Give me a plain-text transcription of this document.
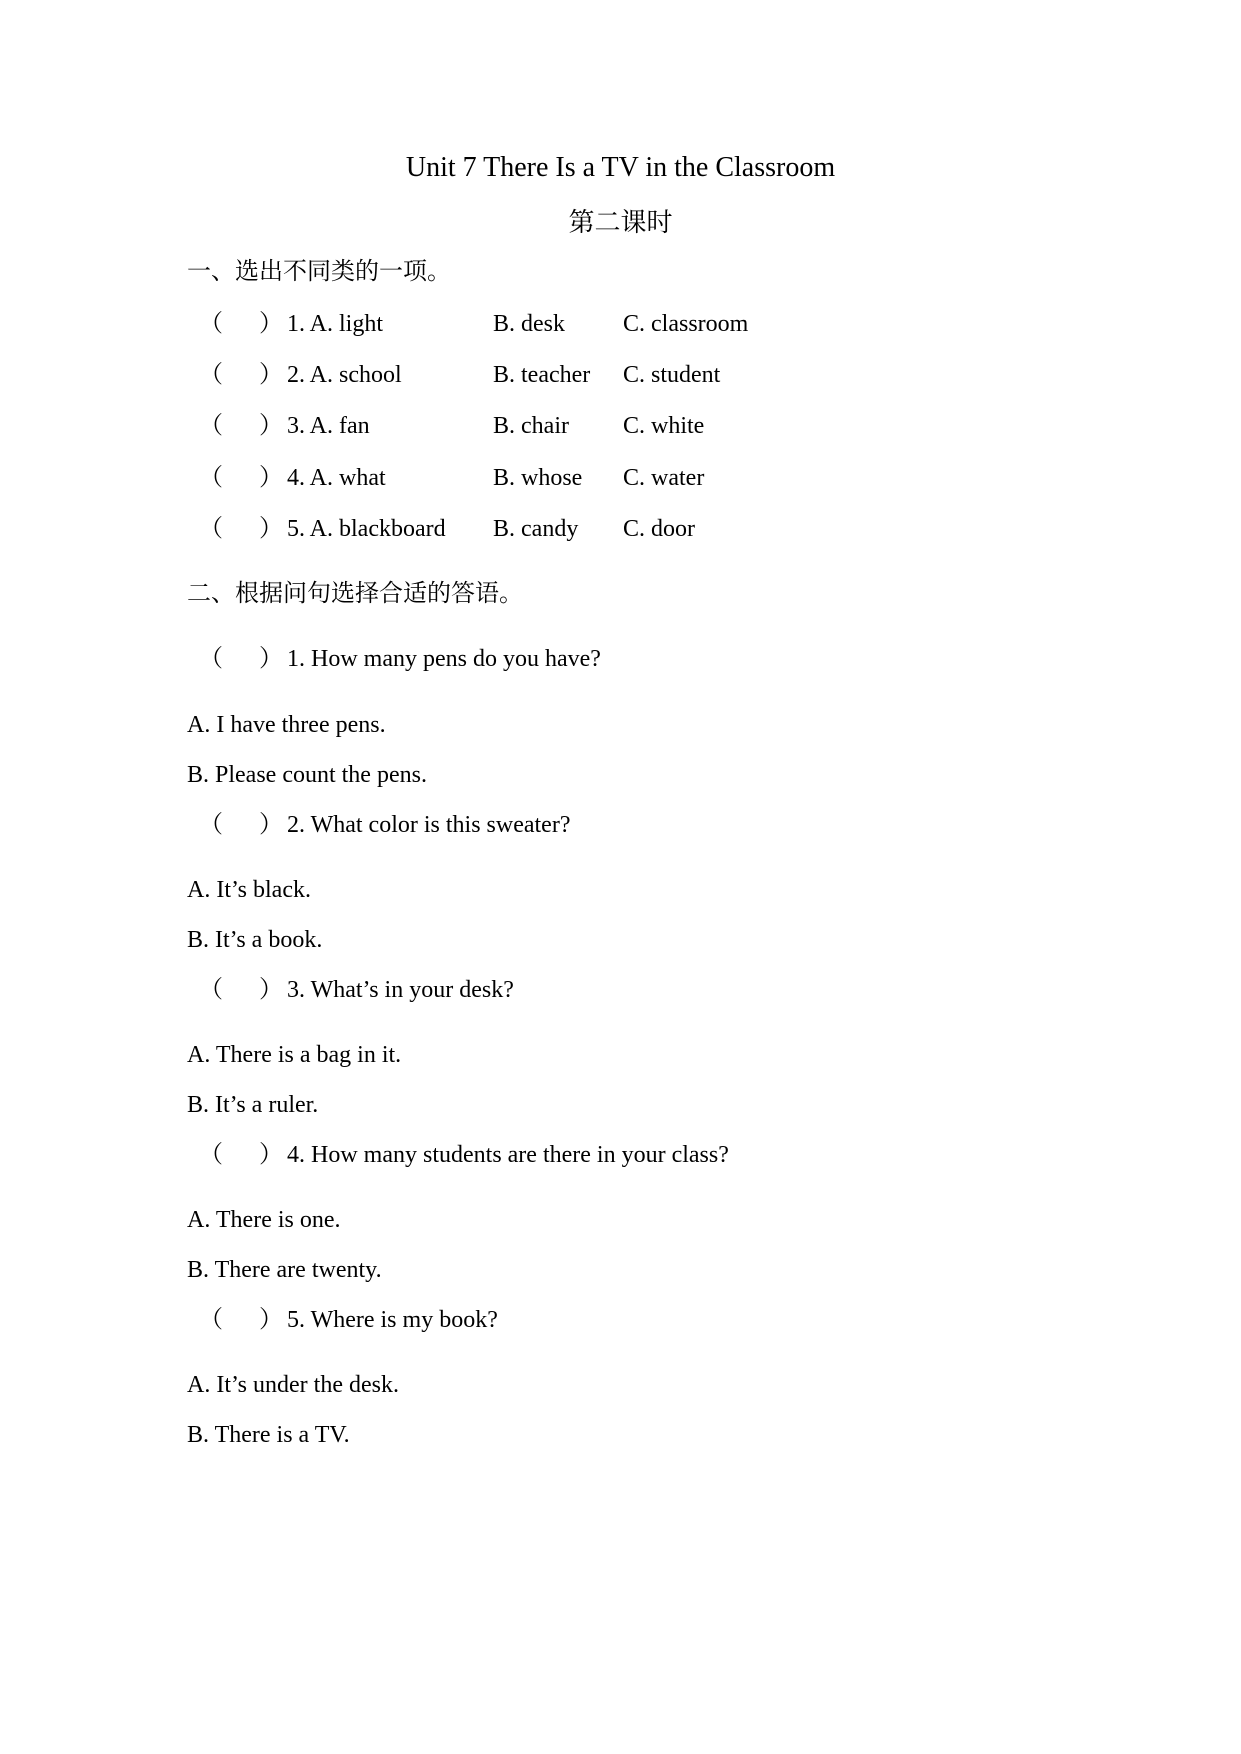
Unit 7 There Is a TV in the Classroom
第二课时
一、选出不同类的一项。
（ ） 1. A. light	B. desk C. classroom
（ ） 2. A. school	B. teacher C. student
（ ） 3. A. fan	B. chair C. white
（ ） 4. A. what	B. whose C. water
（ ） 5. A. blackboard B. candy C. door
二、根据问句选择合适的答语。
（ ） 1. How many pens do you have?
A. I have three pens.
B. Please count the pens.
（ ） 2. What color is this sweater?
A. It’s black.
B. It’s a book.
（ ） 3. What’s in your desk?
A. There is a bag in it.
B. It’s a ruler.
（ ） 4. How many students are there in your class?
A. There is one.
B. There are twenty.
（ ） 5. Where is my book?
A. It’s under the desk.
B. There is a TV.
